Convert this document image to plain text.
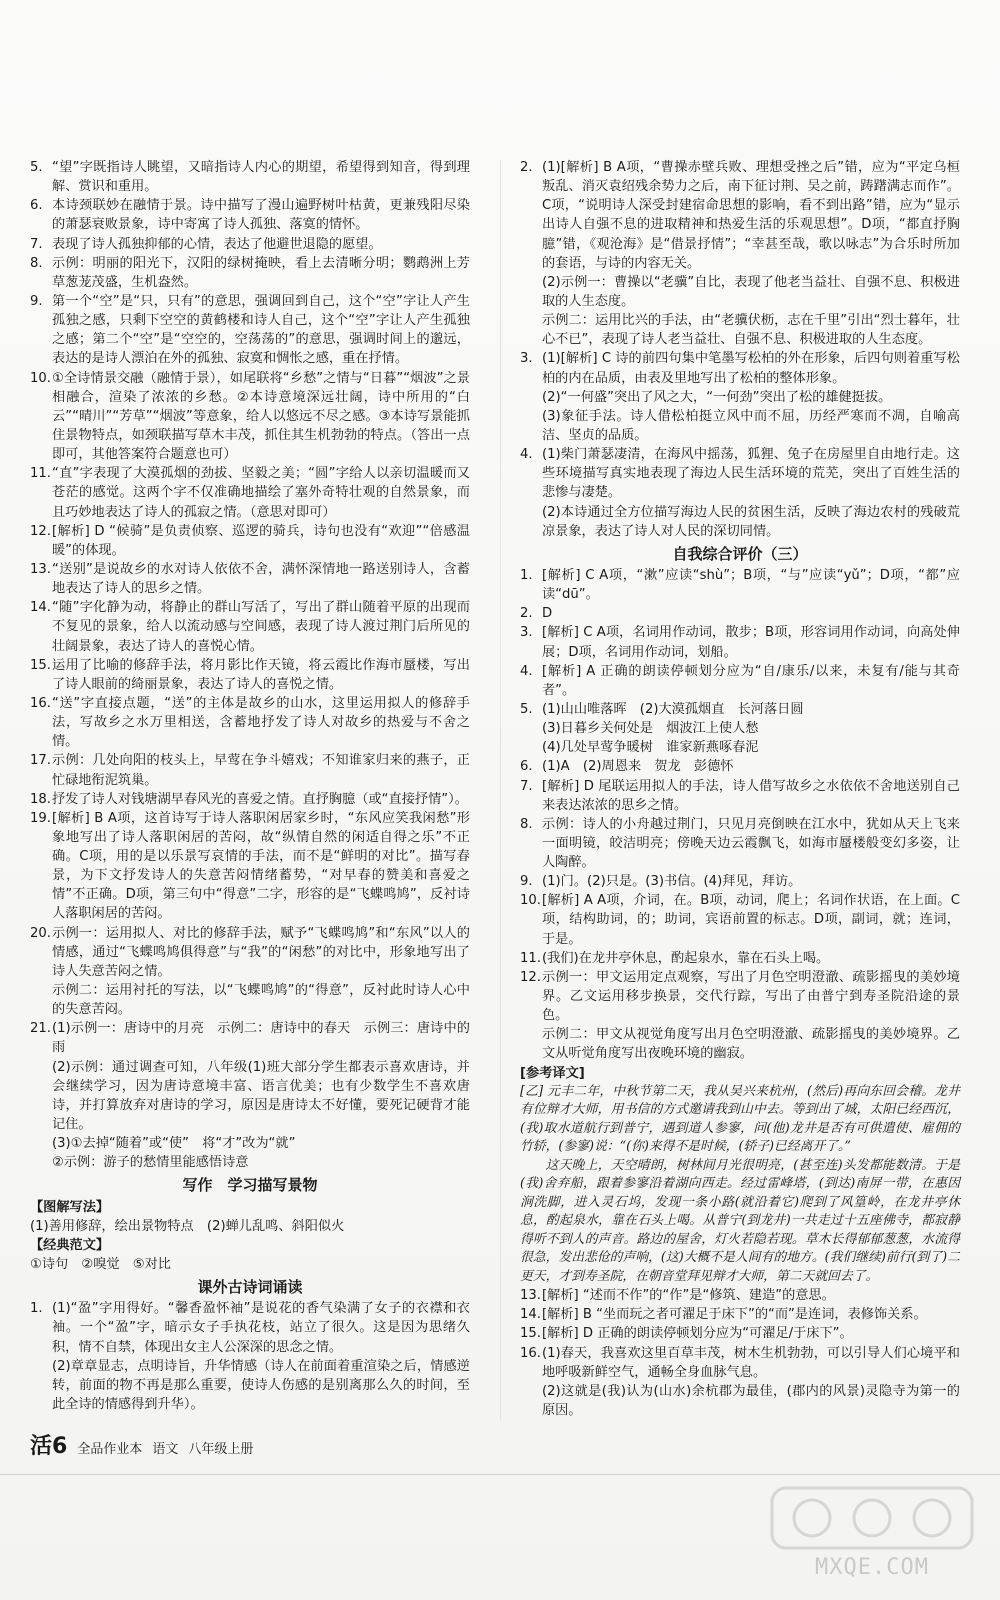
5. “望”字既指诗人眺望，又暗指诗人内心的期望，希望得到知音，得到理解、赏识和重用。
6. 本诗颈联妙在融情于景。诗中描写了漫山遍野树叶枯黄，更兼残阳尽染的萧瑟衰败景象，诗中寄寓了诗人孤独、落寞的情怀。
7. 表现了诗人孤独抑郁的心情，表达了他避世退隐的愿望。
8. 示例：明丽的阳光下，汉阳的绿树掩映，看上去清晰分明；鹦鹉洲上芳草葱茏茂盛，生机盎然。
9. 第一个“空”是“只，只有”的意思，强调回到自己，这个“空”字让人产生孤独之感，只剩下空空的黄鹤楼和诗人自己，这个“空”字让人产生孤独之感；第二个“空”是“空空的，空荡荡的”的意思，强调时间上的邈远，表达的是诗人漂泊在外的孤独、寂寞和惆怅之感，重在抒情。
10. ①全诗情景交融（融情于景），如尾联将“乡愁”之情与“日暮”“烟波”之景相融合，渲染了浓浓的乡愁。②本诗意境深远壮阔，诗中所用的“白云”“晴川”“芳草”“烟波”等意象，给人以悠远不尽之感。③本诗写景能抓住景物特点，如颈联描写草木丰茂，抓住其生机勃勃的特点。（答出一点即可，其他答案符合题意也可）
11. “直”字表现了大漠孤烟的劲拔、坚毅之美；“圆”字给人以亲切温暖而又苍茫的感觉。这两个字不仅准确地描绘了塞外奇特壮观的自然景象，而且巧妙地表达了诗人的孤寂之情。（意思对即可）
12. [解析] D “候骑”是负责侦察、巡逻的骑兵，诗句也没有“欢迎”“倍感温暖”的体现。
13. “送别”是说故乡的水对诗人依依不舍，满怀深情地一路送别诗人，含蓄地表达了诗人的思乡之情。
14. “随”字化静为动，将静止的群山写活了，写出了群山随着平原的出现而不复见的景象，给人以流动感与空间感，表现了诗人渡过荆门后所见的壮阔景象，表达了诗人的喜悦心情。
15. 运用了比喻的修辞手法，将月影比作天镜，将云霞比作海市蜃楼，写出了诗人眼前的绮丽景象，表达了诗人的喜悦之情。
16. “送”字直接点题，“送”的主体是故乡的山水，这里运用拟人的修辞手法，写故乡之水万里相送，含蓄地抒发了诗人对故乡的热爱与不舍之情。
17. 示例：几处向阳的枝头上，早莺在争斗嬉戏；不知谁家归来的燕子，正忙碌地衔泥筑巢。
18. 抒发了诗人对钱塘湖早春风光的喜爱之情。直抒胸臆（或“直接抒情”）。
19. [解析] B A项，这首诗写于诗人落职闲居家乡时，“东风应笑我闲愁”形象地写出了诗人落职闲居的苦闷，故“纵情自然的闲适自得之乐”不正确。C项，用的是以乐景写哀情的手法，而不是“鲜明的对比”。描写春景，为下文抒发诗人的失意苦闷情绪蓄势，“对早春的赞美和喜爱之情”不正确。D项，第三句中“得意”二字，形容的是“飞蝶鸣鸠”，反衬诗人落职闲居的苦闷。
20. 示例一：运用拟人、对比的修辞手法，赋予“飞蝶鸣鸠”和“东风”以人的情感，通过“飞蝶鸣鸠俱得意”与“我”的“闲愁”的对比中，形象地写出了诗人失意苦闷之情。
示例二：运用衬托的写法，以“飞蝶鸣鸠”的“得意”，反衬此时诗人心中的失意苦闷。
21. (1)示例一：唐诗中的月亮　示例二：唐诗中的春天　示例三：唐诗中的雨
(2)示例：通过调查可知，八年级(1)班大部分学生都表示喜欢唐诗，并会继续学习，因为唐诗意境丰富、语言优美；也有少数学生不喜欢唐诗，并打算放弃对唐诗的学习，原因是唐诗太不好懂，要死记硬背才能记住。
(3)①去掉“随着”或“使”　将“才”改为“就”
②示例：游子的愁情里能感悟诗意
写作　学习描写景物
【图解写法】
(1)善用修辞，绘出景物特点　(2)蝉儿乱鸣、斜阳似火
【经典范文】
①诗句　②嗅觉　⑤对比
课外古诗词诵读
1. (1)“盈”字用得好。“馨香盈怀袖”是说花的香气染满了女子的衣襟和衣袖。一个“盈”字，暗示女子手执花枝，站立了很久。这是因为思绪久积，情不自禁，体现出女主人公深深的思念之情。
(2)章章显志，点明诗旨，升华情感（诗人在前面着重渲染之后，情感逆转，前面的物不再是那么重要，使诗人伤感的是别离那么久的时间，至此全诗的情感得到升华）。
2. (1)[解析] B A项，“曹操赤壁兵败、理想受挫之后”错，应为“平定乌桓叛乱、消灭袁绍残余势力之后，南下征讨荆、吴之前，踌躇满志而作”。C项，“说明诗人深受封建宿命思想的影响，看不到出路”错，应为“显示出诗人自强不息的进取精神和热爱生活的乐观思想”。D项，“都直抒胸臆”错，《观沧海》是“借景抒情”；“幸甚至哉，歌以咏志”为合乐时所加的套语，与诗的内容无关。
(2)示例一：曹操以“老骥”自比，表现了他老当益壮、自强不息、积极进取的人生态度。
示例二：运用比兴的手法，由“老骥伏枥，志在千里”引出“烈士暮年，壮心不已”，表现了诗人老当益壮、自强不息、积极进取的人生态度。
3. (1)[解析] C 诗的前四句集中笔墨写松柏的外在形象，后四句则着重写松柏的内在品质，由表及里地写出了松柏的整体形象。
(2)“一何盛”突出了风之大，“一何劲”突出了松的雄健挺拔。
(3)象征手法。诗人借松柏挺立风中而不屈，历经严寒而不凋，自喻高洁、坚贞的品质。
4. (1)柴门萧瑟凄清，在海风中摇荡，狐狸、兔子在房屋里自由地行走。这些环境描写真实地表现了海边人民生活环境的荒芜，突出了百姓生活的悲惨与凄楚。
(2)本诗通过全方位描写海边人民的贫困生活，反映了海边农村的残破荒凉景象，表达了诗人对人民的深切同情。
自我综合评价（三）
1. [解析] C A项，“漱”应读“shù”；B项，“与”应读“yǔ”；D项，“都”应读“dū”。
2. D
3. [解析] C A项，名词用作动词，散步；B项，形容词用作动词，向高处伸展；D项，名词用作动词，划船。
4. [解析] A 正确的朗读停顿划分应为“自/康乐/以来，未复有/能与其奇者”。
5. (1)山山唯落晖　(2)大漠孤烟直　长河落日圆
(3)日暮乡关何处是　烟波江上使人愁
(4)几处早莺争暖树　谁家新燕啄春泥
6. (1)A　(2)周恩来　贺龙　彭德怀
7. [解析] D 尾联运用拟人的手法，诗人借写故乡之水依依不舍地送别自己来表达浓浓的思乡之情。
8. 示例：诗人的小舟越过荆门，只见月亮倒映在江水中，犹如从天上飞来一面明镜，皎洁明亮；傍晚天边云霞飘飞，如海市蜃楼般变幻多姿，让人陶醉。
9. (1)门。(2)只是。(3)书信。(4)拜见，拜访。
10. [解析] A A项，介词，在。B项，动词，爬上；名词作状语，在上面。C项，结构助词，的；助词，宾语前置的标志。D项，副词，就；连词，于是。
11. (我们)在龙井亭休息，酌起泉水，靠在石头上喝。
12. 示例一：甲文运用定点观察，写出了月色空明澄澈、疏影摇曳的美妙境界。乙文运用移步换景，交代行踪，写出了由普宁到寿圣院沿途的景色。
示例二：甲文从视觉角度写出月色空明澄澈、疏影摇曳的美妙境界。乙文从听觉角度写出夜晚环境的幽寂。
[参考译文]
[乙] 元丰二年，中秋节第二天，我从吴兴来杭州，(然后)再向东回会稽。龙井有位辩才大师，用书信的方式邀请我到山中去。等到出了城，太阳已经西沉，(我)取水道航行到普宁，遇到道人参寥，问(他)龙井是否有可供遣使、雇佣的竹轿，(参寥)说：“(你)来得不是时候，(轿子)已经离开了。”
这天晚上，天空晴朗，树林间月光很明亮，(甚至连)头发都能数清。于是(我)舍弃船，跟着参寥沿着湖向西走。经过雷峰塔，(到达)南屏一带，在惠因涧洗脚，进入灵石坞，发现一条小路(就沿着它)爬到了风篁岭，在龙井亭休息，酌起泉水，靠在石头上喝。从普宁(到龙井)一共走过十五座佛寺，都寂静得听不到人的声音。路边的屋舍，灯火若隐若现。草木长得郁郁葱葱，水流得很急，发出悲伧的声响，(这)大概不是人间有的地方。(我们继续)前行(到了)二更天，才到寿圣院，在朝音堂拜见辩才大师，第二天就回去了。
13. [解析] “述而不作”的“作”是“修筑、建造”的意思。
14. [解析] B “坐而玩之者可濯足于床下”的“而”是连词，表修饰关系。
15. [解析] D 正确的朗读停顿划分应为“可濯足/于床下”。
16. (1)春天，我喜欢这里百草丰茂，树木生机勃勃，可以引导人们心境平和地呼吸新鲜空气，通畅全身血脉气息。
(2)这就是(我)认为(山水)余杭郡为最佳，(郡内的风景)灵隐寺为第一的原因。
活6 全品作业本 语文 八年级上册
MXQE.COM
